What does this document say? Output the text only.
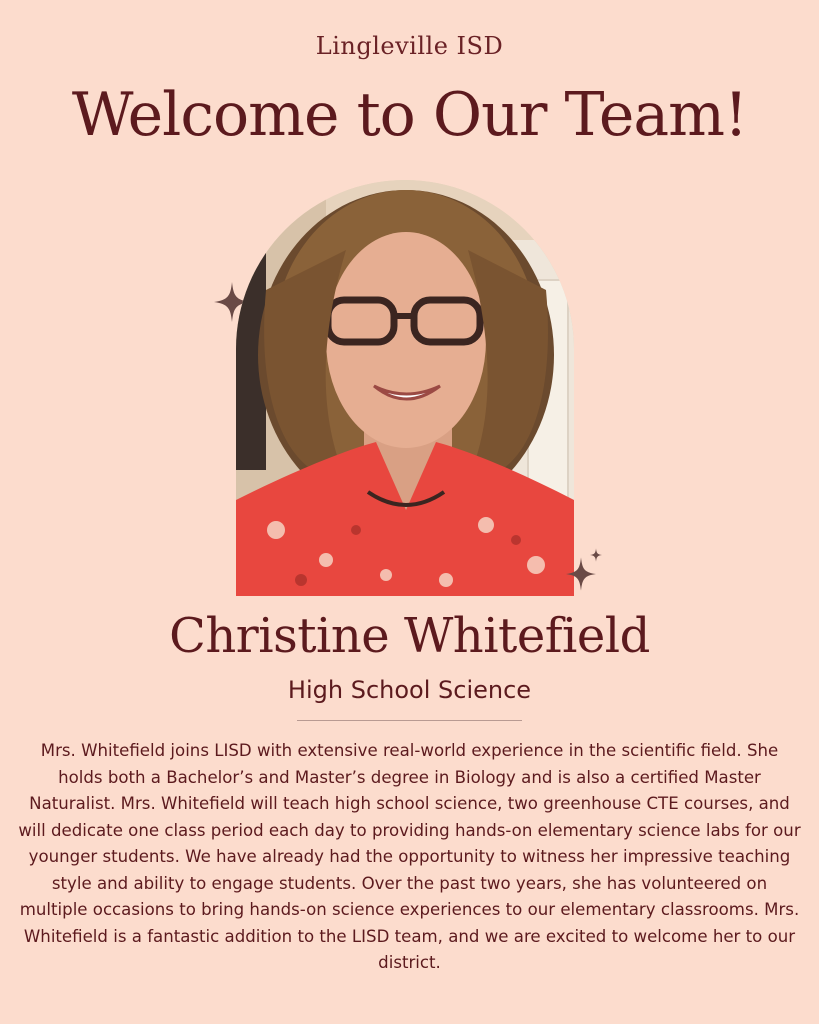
Lingleville ISD
Welcome to Our Team!
Christine Whitefield
High School Science
Mrs. Whitefield joins LISD with extensive real-world experience in the scientific field. She holds both a Bachelor’s and Master’s degree in Biology and is also a certified Master Naturalist. Mrs. Whitefield will teach high school science, two greenhouse CTE courses, and will dedicate one class period each day to providing hands-on elementary science labs for our younger students. We have already had the opportunity to witness her impressive teaching style and ability to engage students. Over the past two years, she has volunteered on multiple occasions to bring hands-on science experiences to our elementary classrooms. Mrs. Whitefield is a fantastic addition to the LISD team, and we are excited to welcome her to our district.
